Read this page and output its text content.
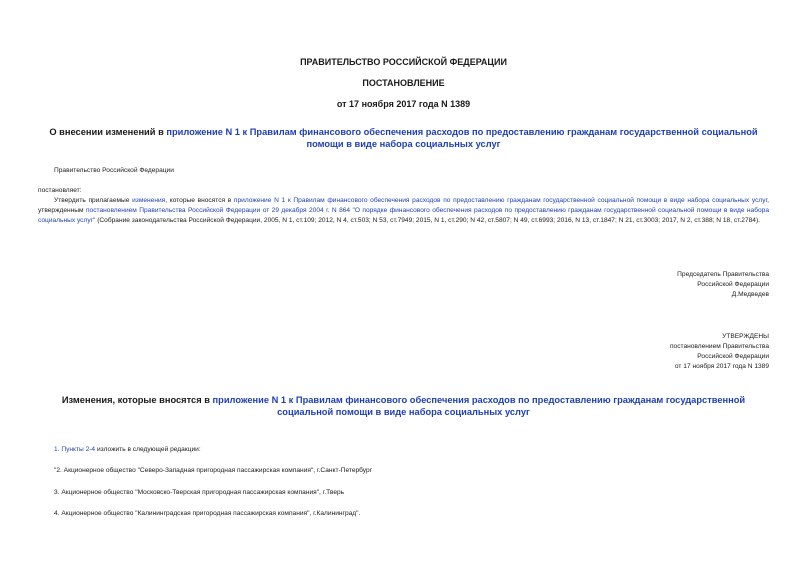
ПРАВИТЕЛЬСТВО РОССИЙСКОЙ ФЕДЕРАЦИИ
ПОСТАНОВЛЕНИЕ
от 17 ноября 2017 года N 1389
О внесении изменений в приложение N 1 к Правилам финансового обеспечения расходов по предоставлению гражданам государственной социальной помощи в виде набора социальных услуг
Правительство Российской Федерации
постановляет:
Утвердить прилагаемые изменения, которые вносятся в приложение N 1 к Правилам финансового обеспечения расходов по предоставлению гражданам государственной социальной помощи в виде набора социальных услуг, утвержденным постановлением Правительства Российской Федерации от 29 декабря 2004 г. N 864 "О порядке финансового обеспечения расходов по предоставлению гражданам государственной социальной помощи в виде набора социальных услуг" (Собрание законодательства Российской Федерации, 2005, N 1, ст.109; 2012, N 4, ст.503; N 53, ст.7949; 2015, N 1, ст.290; N 42, ст.5807; N 49, ст.6993; 2016, N 13, ст.1847; N 21, ст.3003; 2017, N 2, ст.388; N 18, ст.2784).
Председатель Правительства
Российской Федерации
Д.Медведев
УТВЕРЖДЕНЫ
постановлением Правительства
Российской Федерации
от 17 ноября 2017 года N 1389
Изменения, которые вносятся в приложение N 1 к Правилам финансового обеспечения расходов по предоставлению гражданам государственной социальной помощи в виде набора социальных услуг
1. Пункты 2-4 изложить в следующей редакции:
"2. Акционерное общество "Северо-Западная пригородная пассажирская компания", г.Санкт-Петербург
3. Акционерное общество "Московско-Тверская пригородная пассажирская компания", г.Тверь
4. Акционерное общество "Калининградская пригородная пассажирская компания", г.Калининград".
